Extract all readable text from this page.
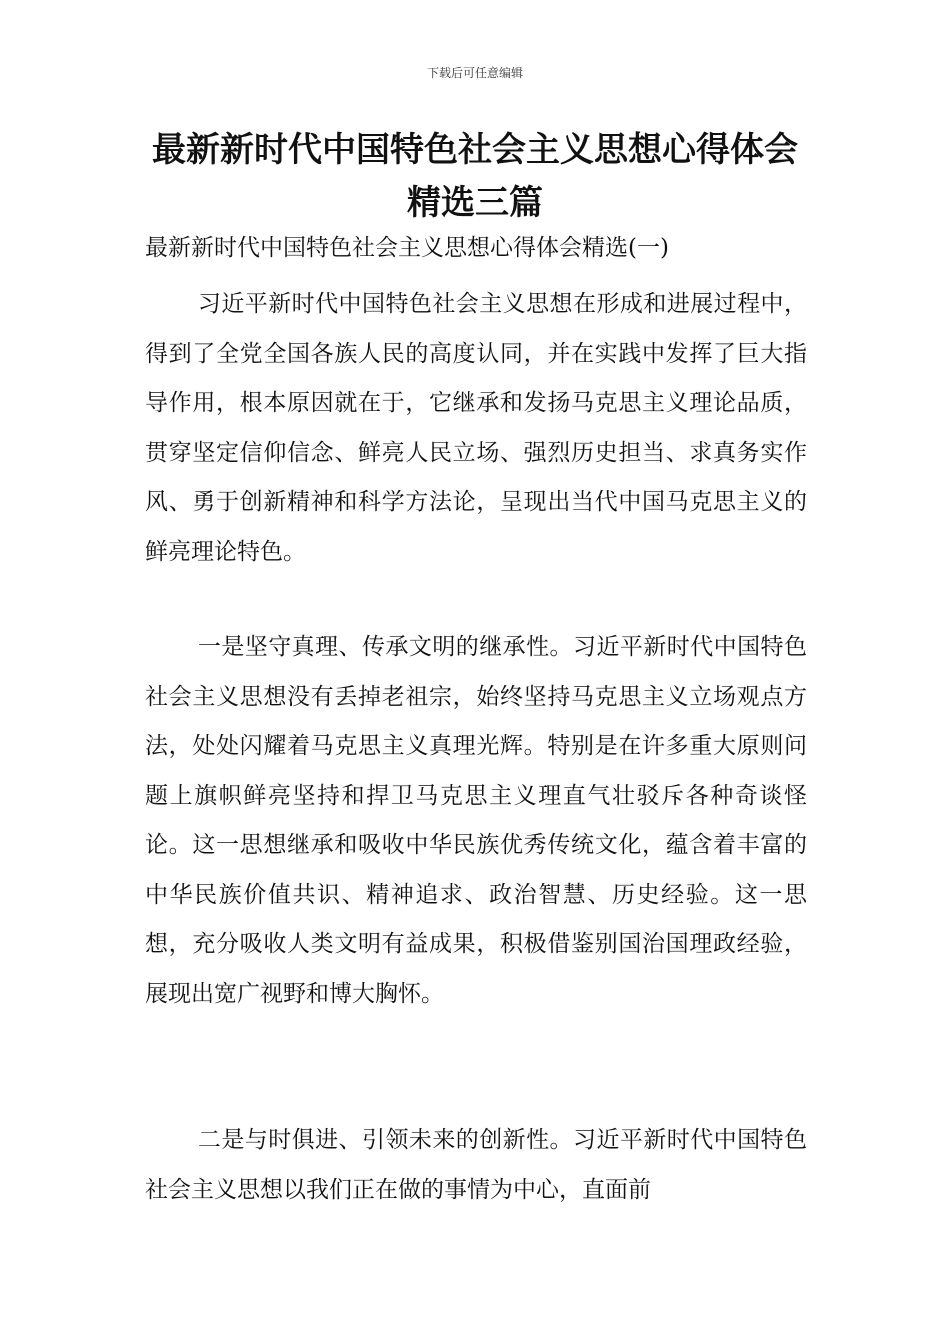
下载后可任意编辑
最新新时代中国特色社会主义思想心得体会精选三篇

最新新时代中国特色社会主义思想心得体会精选(一)

习近平新时代中国特色社会主义思想在形成和进展过程中，得到了全党全国各族人民的高度认同，并在实践中发挥了巨大指导作用，根本原因就在于，它继承和发扬马克思主义理论品质，贯穿坚定信仰信念、鲜亮人民立场、强烈历史担当、求真务实作风、勇于创新精神和科学方法论，呈现出当代中国马克思主义的鲜亮理论特色。

一是坚守真理、传承文明的继承性。习近平新时代中国特色社会主义思想没有丢掉老祖宗，始终坚持马克思主义立场观点方法，处处闪耀着马克思主义真理光辉。特别是在许多重大原则问题上旗帜鲜亮坚持和捍卫马克思主义理直气壮驳斥各种奇谈怪论。这一思想继承和吸收中华民族优秀传统文化，蕴含着丰富的中华民族价值共识、精神追求、政治智慧、历史经验。这一思想，充分吸收人类文明有益成果，积极借鉴别国治国理政经验，展现出宽广视野和博大胸怀。

二是与时俱进、引领未来的创新性。习近平新时代中国特色社会主义思想以我们正在做的事情为中心，直面前
